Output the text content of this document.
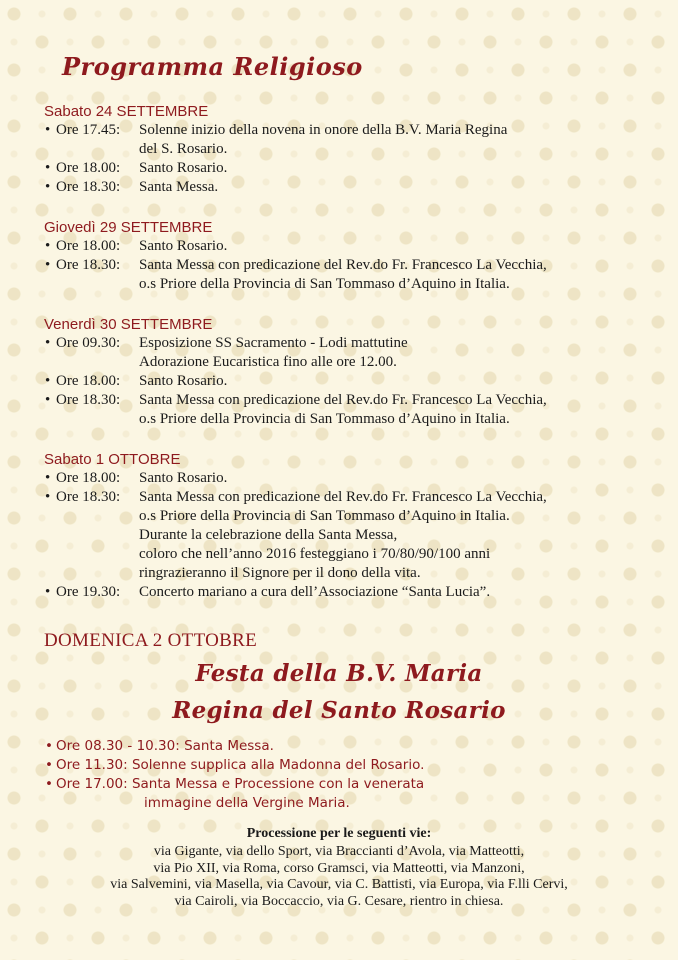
Programma Religioso
Sabato 24 SETTEMBRE
• Ore 17.45: Solenne inizio della novena in onore della B.V. Maria Regina
del S. Rosario.
• Ore 18.00: Santo Rosario.
• Ore 18.30: Santa Messa.
Giovedì 29 SETTEMBRE
• Ore 18.00: Santo Rosario.
• Ore 18.30: Santa Messa con predicazione del Rev.do Fr. Francesco La Vecchia,
o.s Priore della Provincia di San Tommaso d’Aquino in Italia.
Venerdì 30 SETTEMBRE
• Ore 09.30: Esposizione SS Sacramento - Lodi mattutine
Adorazione Eucaristica fino alle ore 12.00.
• Ore 18.00: Santo Rosario.
• Ore 18.30: Santa Messa con predicazione del Rev.do Fr. Francesco La Vecchia,
o.s Priore della Provincia di San Tommaso d’Aquino in Italia.
Sabato 1 OTTOBRE
• Ore 18.00: Santo Rosario.
• Ore 18.30: Santa Messa con predicazione del Rev.do Fr. Francesco La Vecchia,
o.s Priore della Provincia di San Tommaso d’Aquino in Italia.
Durante la celebrazione della Santa Messa,
coloro che nell’anno 2016 festeggiano i 70/80/90/100 anni
ringrazieranno il Signore per il dono della vita.
• Ore 19.30: Concerto mariano a cura dell’Associazione “Santa Lucia”.
DOMENICA 2 OTTOBRE
Festa della B.V. Maria
Regina del Santo Rosario
• Ore 08.30 - 10.30: Santa Messa.
• Ore 11.30: Solenne supplica alla Madonna del Rosario.
• Ore 17.00: Santa Messa e Processione con la venerata
immagine della Vergine Maria.
Processione per le seguenti vie:
via Gigante, via dello Sport, via Braccianti d’Avola, via Matteotti,
via Pio XII, via Roma, corso Gramsci, via Matteotti, via Manzoni,
via Salvemini, via Masella, via Cavour, via C. Battisti, via Europa, via F.lli Cervi,
via Cairoli, via Boccaccio, via G. Cesare, rientro in chiesa.
